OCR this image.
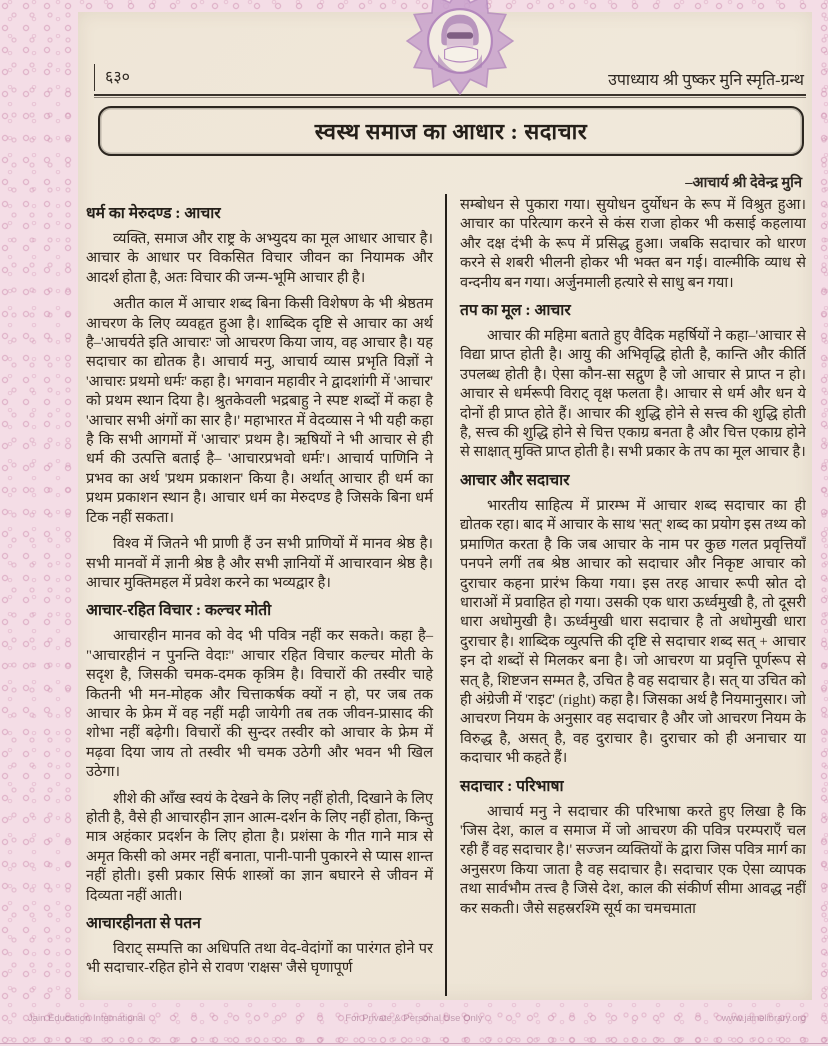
६३०	उपाध्याय श्री पुष्कर मुनि स्मृति-ग्रन्थ
स्वस्थ समाज का आधार : सदाचार
–आचार्य श्री देवेन्द्र मुनि
धर्म का मेरुदण्ड : आचार

व्यक्ति, समाज और राष्ट्र के अभ्युदय का मूल आधार आचार है। आचार के आधार पर विकसित विचार जीवन का नियामक और आदर्श होता है, अतः विचार की जन्म-भूमि आचार ही है।

अतीत काल में आचार शब्द बिना किसी विशेषण के भी श्रेष्ठतम आचरण के लिए व्यवहृत हुआ है। शाब्दिक दृष्टि से आचार का अर्थ है–'आचर्यते इति आचारः' जो आचरण किया जाय, वह आचार है। यह सदाचार का द्योतक है। आचार्य मनु, आचार्य व्यास प्रभृति विज्ञों ने 'आचारः प्रथमो धर्मः' कहा है। भगवान महावीर ने द्वादशांगी में 'आचार' को प्रथम स्थान दिया है। श्रुतकेवली भद्रबाहु ने स्पष्ट शब्दों में कहा है 'आचार सभी अंगों का सार है।' महाभारत में वेदव्यास ने भी यही कहा है कि सभी आगमों में 'आचार' प्रथम है। ऋषियों ने भी आचार से ही धर्म की उत्पत्ति बताई है– 'आचारप्रभवो धर्मः'। आचार्य पाणिनि ने प्रभव का अर्थ 'प्रथम प्रकाशन' किया है। अर्थात् आचार ही धर्म का प्रथम प्रकाशन स्थान है। आचार धर्म का मेरुदण्ड है जिसके बिना धर्म टिक नहीं सकता।

विश्व में जितने भी प्राणी हैं उन सभी प्राणियों में मानव श्रेष्ठ है। सभी मानवों में ज्ञानी श्रेष्ठ है और सभी ज्ञानियों में आचारवान श्रेष्ठ है। आचार मुक्तिमहल में प्रवेश करने का भव्यद्वार है।

आचार-रहित विचार : कल्चर मोती

आचारहीन मानव को वेद भी पवित्र नहीं कर सकते। कहा है– "आचारहीनं न पुनन्ति वेदाः" आचार रहित विचार कल्चर मोती के सदृश है, जिसकी चमक-दमक कृत्रिम है। विचारों की तस्वीर चाहे कितनी भी मन-मोहक और चित्ताकर्षक क्यों न हो, पर जब तक आचार के फ्रेम में वह नहीं मढ़ी जायेगी तब तक जीवन-प्रासाद की शोभा नहीं बढ़ेगी। विचारों की सुन्दर तस्वीर को आचार के फ्रेम में मढ़वा दिया जाय तो तस्वीर भी चमक उठेगी और भवन भी खिल उठेगा।

शीशे की आँख स्वयं के देखने के लिए नहीं होती, दिखाने के लिए होती है, वैसे ही आचारहीन ज्ञान आत्म-दर्शन के लिए नहीं होता, किन्तु मात्र अहंकार प्रदर्शन के लिए होता है। प्रशंसा के गीत गाने मात्र से अमृत किसी को अमर नहीं बनाता, पानी-पानी पुकारने से प्यास शान्त नहीं होती। इसी प्रकार सिर्फ शास्त्रों का ज्ञान बघारने से जीवन में दिव्यता नहीं आती।

आचारहीनता से पतन

विराट् सम्पत्ति का अधिपति तथा वेद-वेदांगों का पारंगत होने पर भी सदाचार-रहित होने से रावण 'राक्षस' जैसे घृणापूर्ण

सम्बोधन से पुकारा गया। सुयोधन दुर्योधन के रूप में विश्रुत हुआ। आचार का परित्याग करने से कंस राजा होकर भी कसाई कहलाया और दक्ष दंभी के रूप में प्रसिद्ध हुआ। जबकि सदाचार को धारण करने से शबरी भीलनी होकर भी भक्त बन गई। वाल्मीकि व्याध से वन्दनीय बन गया। अर्जुनमाली हत्यारे से साधु बन गया।

तप का मूल : आचार

आचार की महिमा बताते हुए वैदिक महर्षियों ने कहा–'आचार से विद्या प्राप्त होती है। आयु की अभिवृद्धि होती है, कान्ति और कीर्ति उपलब्ध होती है। ऐसा कौन-सा सद्गुण है जो आचार से प्राप्त न हो। आचार से धर्मरूपी विराट् वृक्ष फलता है। आचार से धर्म और धन ये दोनों ही प्राप्त होते हैं। आचार की शुद्धि होने से सत्त्व की शुद्धि होती है, सत्त्व की शुद्धि होने से चित्त एकाग्र बनता है और चित्त एकाग्र होने से साक्षात् मुक्ति प्राप्त होती है। सभी प्रकार के तप का मूल आचार है।

आचार और सदाचार

भारतीय साहित्य में प्रारम्भ में आचार शब्द सदाचार का ही द्योतक रहा। बाद में आचार के साथ 'सत्' शब्द का प्रयोग इस तथ्य को प्रमाणित करता है कि जब आचार के नाम पर कुछ गलत प्रवृत्तियाँ पनपने लगीं तब श्रेष्ठ आचार को सदाचार और निकृष्ट आचार को दुराचार कहना प्रारंभ किया गया। इस तरह आचार रूपी स्रोत दो धाराओं में प्रवाहित हो गया। उसकी एक धारा ऊर्ध्वमुखी है, तो दूसरी धारा अधोमुखी है। ऊर्ध्वमुखी धारा सदाचार है तो अधोमुखी धारा दुराचार है। शाब्दिक व्युत्पत्ति की दृष्टि से सदाचार शब्द सत् + आचार इन दो शब्दों से मिलकर बना है। जो आचरण या प्रवृत्ति पूर्णरूप से सत् है, शिष्टजन सम्मत है, उचित है वह सदाचार है। सत् या उचित को ही अंग्रेजी में 'राइट' (right) कहा है। जिसका अर्थ है नियमानुसार। जो आचरण नियम के अनुसार वह सदाचार है और जो आचरण नियम के विरुद्ध है, असत् है, वह दुराचार है। दुराचार को ही अनाचार या कदाचार भी कहते हैं।

सदाचार : परिभाषा

आचार्य मनु ने सदाचार की परिभाषा करते हुए लिखा है कि 'जिस देश, काल व समाज में जो आचरण की पवित्र परम्पराएँ चल रही हैं वह सदाचार है।' सज्जन व्यक्तियों के द्वारा जिस पवित्र मार्ग का अनुसरण किया जाता है वह सदाचार है। सदाचार एक ऐसा व्यापक तथा सार्वभौम तत्त्व है जिसे देश, काल की संकीर्ण सीमा आवद्ध नहीं कर सकती। जैसे सहस्ररश्मि सूर्य का चमचमाता

Jain Education International	For Private & Personal Use Only	www.jainelibrary.org
